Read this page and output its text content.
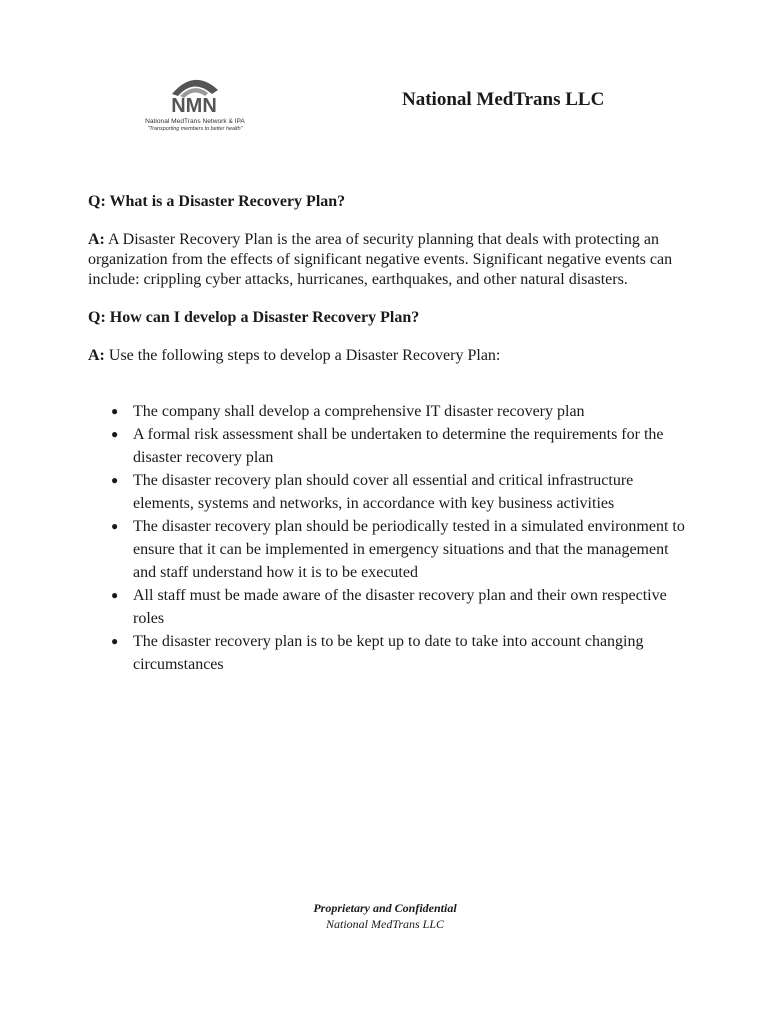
NMN
National MedTrans Network & IPA
"Transporting members to better health"
National MedTrans LLC

Q: What is a Disaster Recovery Plan?

A: A Disaster Recovery Plan is the area of security planning that deals with protecting an organization from the effects of significant negative events. Significant negative events can include: crippling cyber attacks, hurricanes, earthquakes, and other natural disasters.

Q: How can I develop a Disaster Recovery Plan?

A: Use the following steps to develop a Disaster Recovery Plan:

● The company shall develop a comprehensive IT disaster recovery plan
● A formal risk assessment shall be undertaken to determine the requirements for the disaster recovery plan
● The disaster recovery plan should cover all essential and critical infrastructure elements, systems and networks, in accordance with key business activities
● The disaster recovery plan should be periodically tested in a simulated environment to ensure that it can be implemented in emergency situations and that the management and staff understand how it is to be executed
● All staff must be made aware of the disaster recovery plan and their own respective roles
● The disaster recovery plan is to be kept up to date to take into account changing circumstances
Proprietary and Confidential
National MedTrans LLC
